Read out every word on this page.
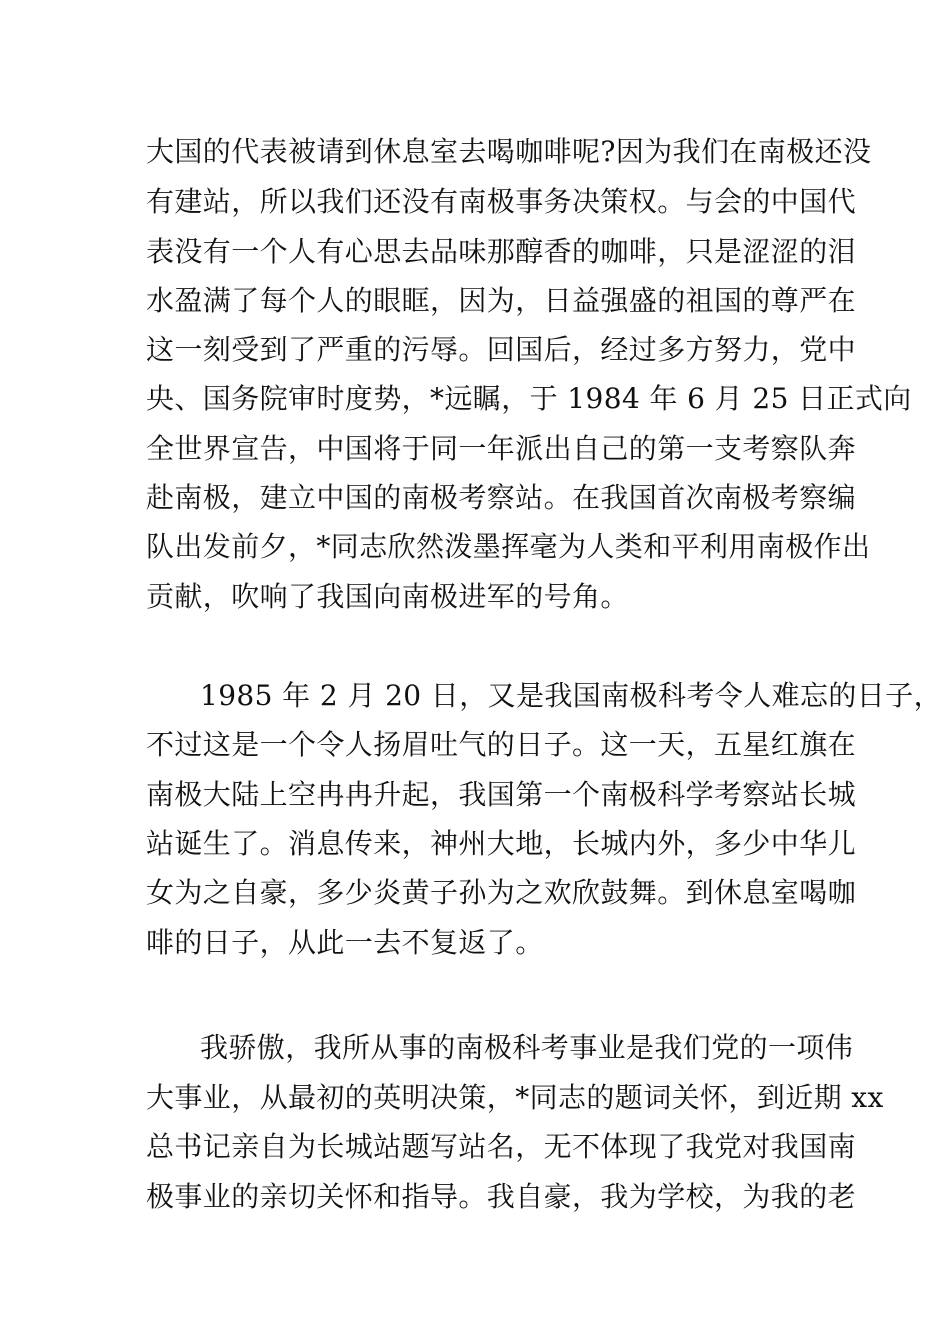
大国的代表被请到休息室去喝咖啡呢?因为我们在南极还没
有建站，所以我们还没有南极事务决策权。与会的中国代
表没有一个人有心思去品味那醇香的咖啡，只是涩涩的泪
水盈满了每个人的眼眶，因为，日益强盛的祖国的尊严在
这一刻受到了严重的污辱。回国后，经过多方努力，党中
央、国务院审时度势，*远瞩，于 1984 年 6 月 25 日正式向
全世界宣告，中国将于同一年派出自己的第一支考察队奔
赴南极，建立中国的南极考察站。在我国首次南极考察编
队出发前夕，*同志欣然泼墨挥毫为人类和平利用南极作出
贡献，吹响了我国向南极进军的号角。
1985 年 2 月 20 日，又是我国南极科考令人难忘的日子，
不过这是一个令人扬眉吐气的日子。这一天，五星红旗在
南极大陆上空冉冉升起，我国第一个南极科学考察站长城
站诞生了。消息传来，神州大地，长城内外，多少中华儿
女为之自豪，多少炎黄子孙为之欢欣鼓舞。到休息室喝咖
啡的日子，从此一去不复返了。
我骄傲，我所从事的南极科考事业是我们党的一项伟
大事业，从最初的英明决策，*同志的题词关怀，到近期 xx
总书记亲自为长城站题写站名，无不体现了我党对我国南
极事业的亲切关怀和指导。我自豪，我为学校，为我的老
